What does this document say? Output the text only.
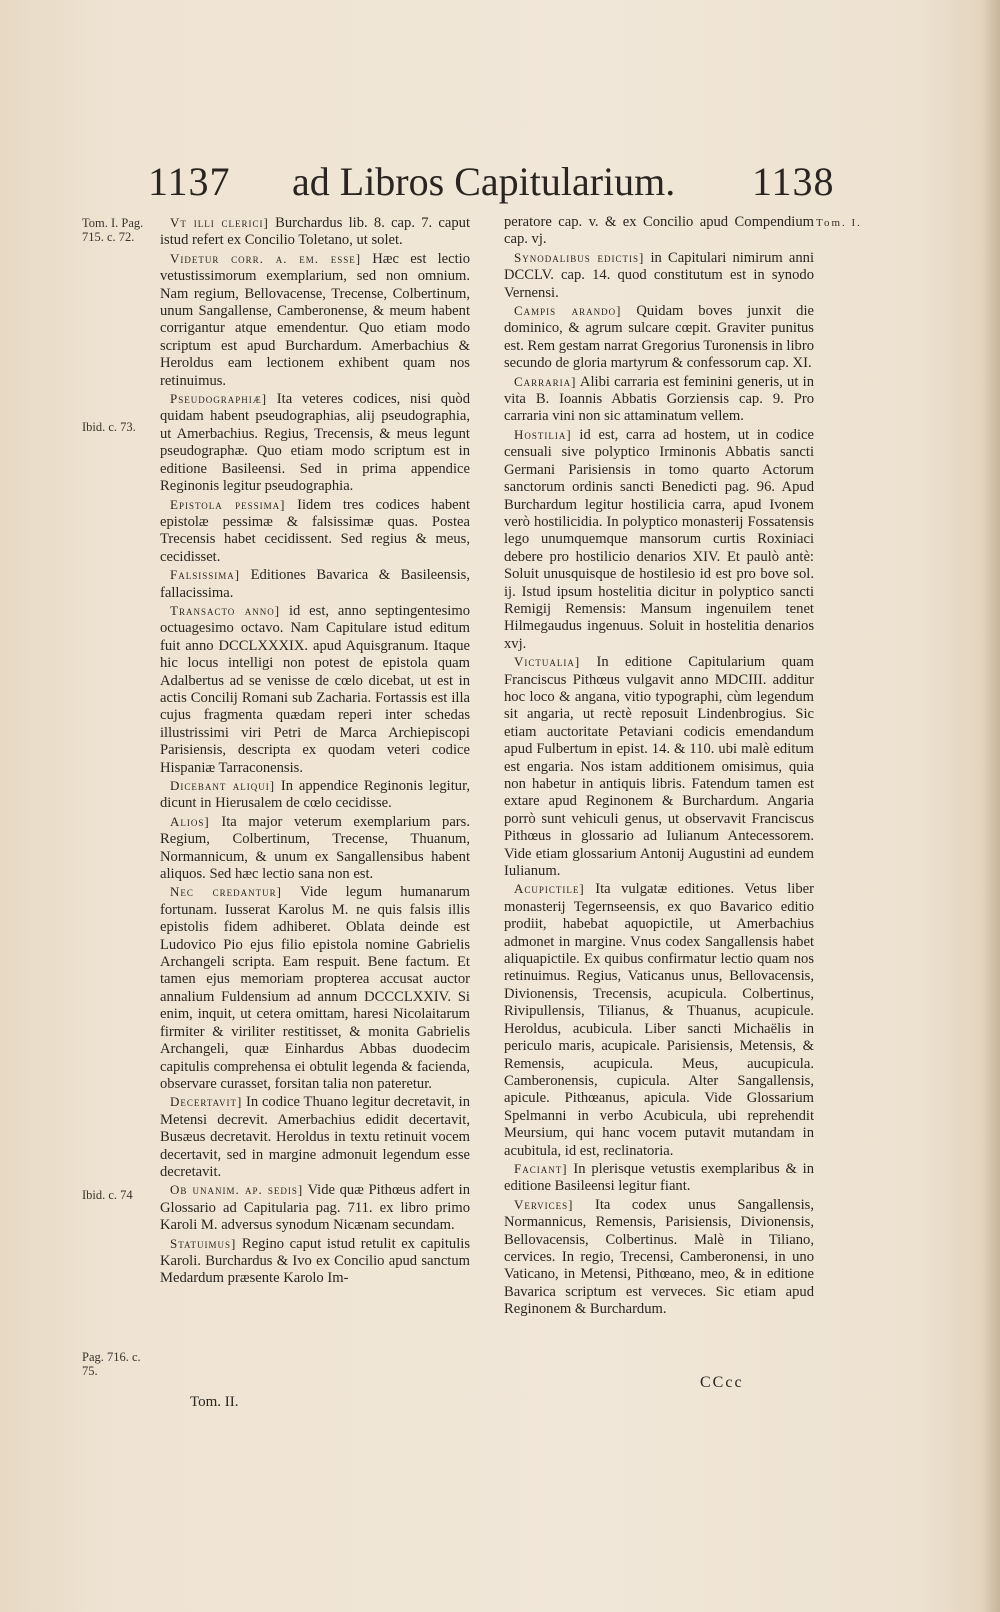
1137 ad Libros Capitularium. 1138
Tom. I. Pag. 715. c. 72.
Ibid. c. 73.
Ibid. c. 74
Pag. 716. c. 75.
Tom. I.

Vt illi clerici] Burchardus lib. 8. cap. 7. caput istud refert ex Concilio Toletano, ut solet.

Videtur corr. a. em. esse] Hæc est lectio vetustissimorum exemplarium, sed non omnium. Nam regium, Bellovacense, Trecense, Colbertinum, unum Sangallense, Camberonense, & meum habent corrigantur atque emendentur. Quo etiam modo scriptum est apud Burchardum. Amerbachius & Heroldus eam lectionem exhibent quam nos retinuimus.

Pseudographiæ] Ita veteres codices, nisi quòd quidam habent pseudographias, alij pseudographia, ut Amerbachius. Regius, Trecensis, & meus legunt pseudographæ. Quo etiam modo scriptum est in editione Basileensi. Sed in prima appendice Reginonis legitur pseudographia.

Epistola pessima] Iidem tres codices habent epistolæ pessimæ & falsissimæ quas. Postea Trecensis habet cecidissent. Sed regius & meus, cecidisset.

Falsissima] Editiones Bavarica & Basileensis, fallacissima.

Transacto anno] id est, anno septingentesimo octuagesimo octavo. Nam Capitulare istud editum fuit anno DCCLXXXIX. apud Aquisgranum. Itaque hic locus intelligi non potest de epistola quam Adalbertus ad se venisse de cœlo dicebat, ut est in actis Concilij Romani sub Zacharia. Fortassis est illa cujus fragmenta quædam reperi inter schedas illustrissimi viri Petri de Marca Archiepiscopi Parisiensis, descripta ex quodam veteri codice Hispaniæ Tarraconensis.

Dicebant aliqui] In appendice Reginonis legitur, dicunt in Hierusalem de cœlo cecidisse.

Alios] Ita major veterum exemplarium pars. Regium, Colbertinum, Trecense, Thuanum, Normannicum, & unum ex Sangallensibus habent aliquos. Sed hæc lectio sana non est.

Nec credantur] Vide legum humanarum fortunam. Iusserat Karolus M. ne quis falsis illis epistolis fidem adhiberet. Oblata deinde est Ludovico Pio ejus filio epistola nomine Gabrielis Archangeli scripta. Eam respuit. Bene factum. Et tamen ejus memoriam propterea accusat auctor annalium Fuldensium ad annum DCCCLXXIV. Si enim, inquit, ut cetera omittam, haresi Nicolaitarum firmiter & viriliter restitisset, & monita Gabrielis Archangeli, quæ Einhardus Abbas duodecim capitulis comprehensa ei obtulit legenda & facienda, observare curasset, forsitan talia non pateretur.

Decertavit] In codice Thuano legitur decretavit, in Metensi decrevit. Amerbachius edidit decertavit, Busæus decretavit. Heroldus in textu retinuit vocem decertavit, sed in margine admonuit legendum esse decretavit.

Ob unanim. ap. sedis] Vide quæ Pithœus adfert in Glossario ad Capitularia pag. 711. ex libro primo Karoli M. adversus synodum Nicænam secundam.

Statuimus] Regino caput istud retulit ex capitulis Karoli. Burchardus & Ivo ex Concilio apud sanctum Medardum præsente Karolo Im-

peratore cap. v. & ex Concilio apud Compendium cap. vj.

Synodalibus edictis] in Capitulari nimirum anni DCCLV. cap. 14. quod constitutum est in synodo Vernensi.

Campis arando] Quidam boves junxit die dominico, & agrum sulcare cœpit. Graviter punitus est. Rem gestam narrat Gregorius Turonensis in libro secundo de gloria martyrum & confessorum cap. XI.

Carraria] Alibi carraria est feminini generis, ut in vita B. Ioannis Abbatis Gorziensis cap. 9. Pro carraria vini non sic attaminatum vellem.

Hostilia] id est, carra ad hostem, ut in codice censuali sive polyptico Irminonis Abbatis sancti Germani Parisiensis in tomo quarto Actorum sanctorum ordinis sancti Benedicti pag. 96. Apud Burchardum legitur hostilicia carra, apud Ivonem verò hostilicidia. In polyptico monasterij Fossatensis lego unumquemque mansorum curtis Roxiniaci debere pro hostilicio denarios XIV. Et paulò antè: Soluit unusquisque de hostilesio id est pro bove sol. ij. Istud ipsum hostelitia dicitur in polyptico sancti Remigij Remensis: Mansum ingenuilem tenet Hilmegaudus ingenuus. Soluit in hostelitia denarios xvj.

Victualia] In editione Capitularium quam Franciscus Pithœus vulgavit anno MDCIII. additur hoc loco & angana, vitio typographi, cùm legendum sit angaria, ut rectè reposuit Lindenbrogius. Sic etiam auctoritate Petaviani codicis emendandum apud Fulbertum in epist. 14. & 110. ubi malè editum est engaria. Nos istam additionem omisimus, quia non habetur in antiquis libris. Fatendum tamen est extare apud Reginonem & Burchardum. Angaria porrò sunt vehiculi genus, ut observavit Franciscus Pithœus in glossario ad Iulianum Antecessorem. Vide etiam glossarium Antonij Augustini ad eundem Iulianum.

Acupictile] Ita vulgatæ editiones. Vetus liber monasterij Tegernseensis, ex quo Bavarico editio prodiit, habebat aquopictile, ut Amerbachius admonet in margine. Vnus codex Sangallensis habet aliquapictile. Ex quibus confirmatur lectio quam nos retinuimus. Regius, Vaticanus unus, Bellovacensis, Divionensis, Trecensis, acupicula. Colbertinus, Rivipullensis, Tilianus, & Thuanus, acupicule. Heroldus, acubicula. Liber sancti Michaëlis in periculo maris, acupicale. Parisiensis, Metensis, & Remensis, acupicula. Meus, aucupicula. Camberonensis, cupicula. Alter Sangallensis, apicule. Pithœanus, apicula. Vide Glossarium Spelmanni in verbo Acubicula, ubi reprehendit Meursium, qui hanc vocem putavit mutandam in acubitula, id est, reclinatoria.

Faciant] In plerisque vetustis exemplaribus & in editione Basileensi legitur fiant.

Vervices] Ita codex unus Sangallensis, Normannicus, Remensis, Parisiensis, Divionensis, Bellovacensis, Colbertinus. Malè in Tiliano, cervices. In regio, Trecensi, Camberonensi, in uno Vaticano, in Metensi, Pithœano, meo, & in editione Bavarica scriptum est verveces. Sic etiam apud Reginonem & Burchardum.

Tom. II.
CCcc
